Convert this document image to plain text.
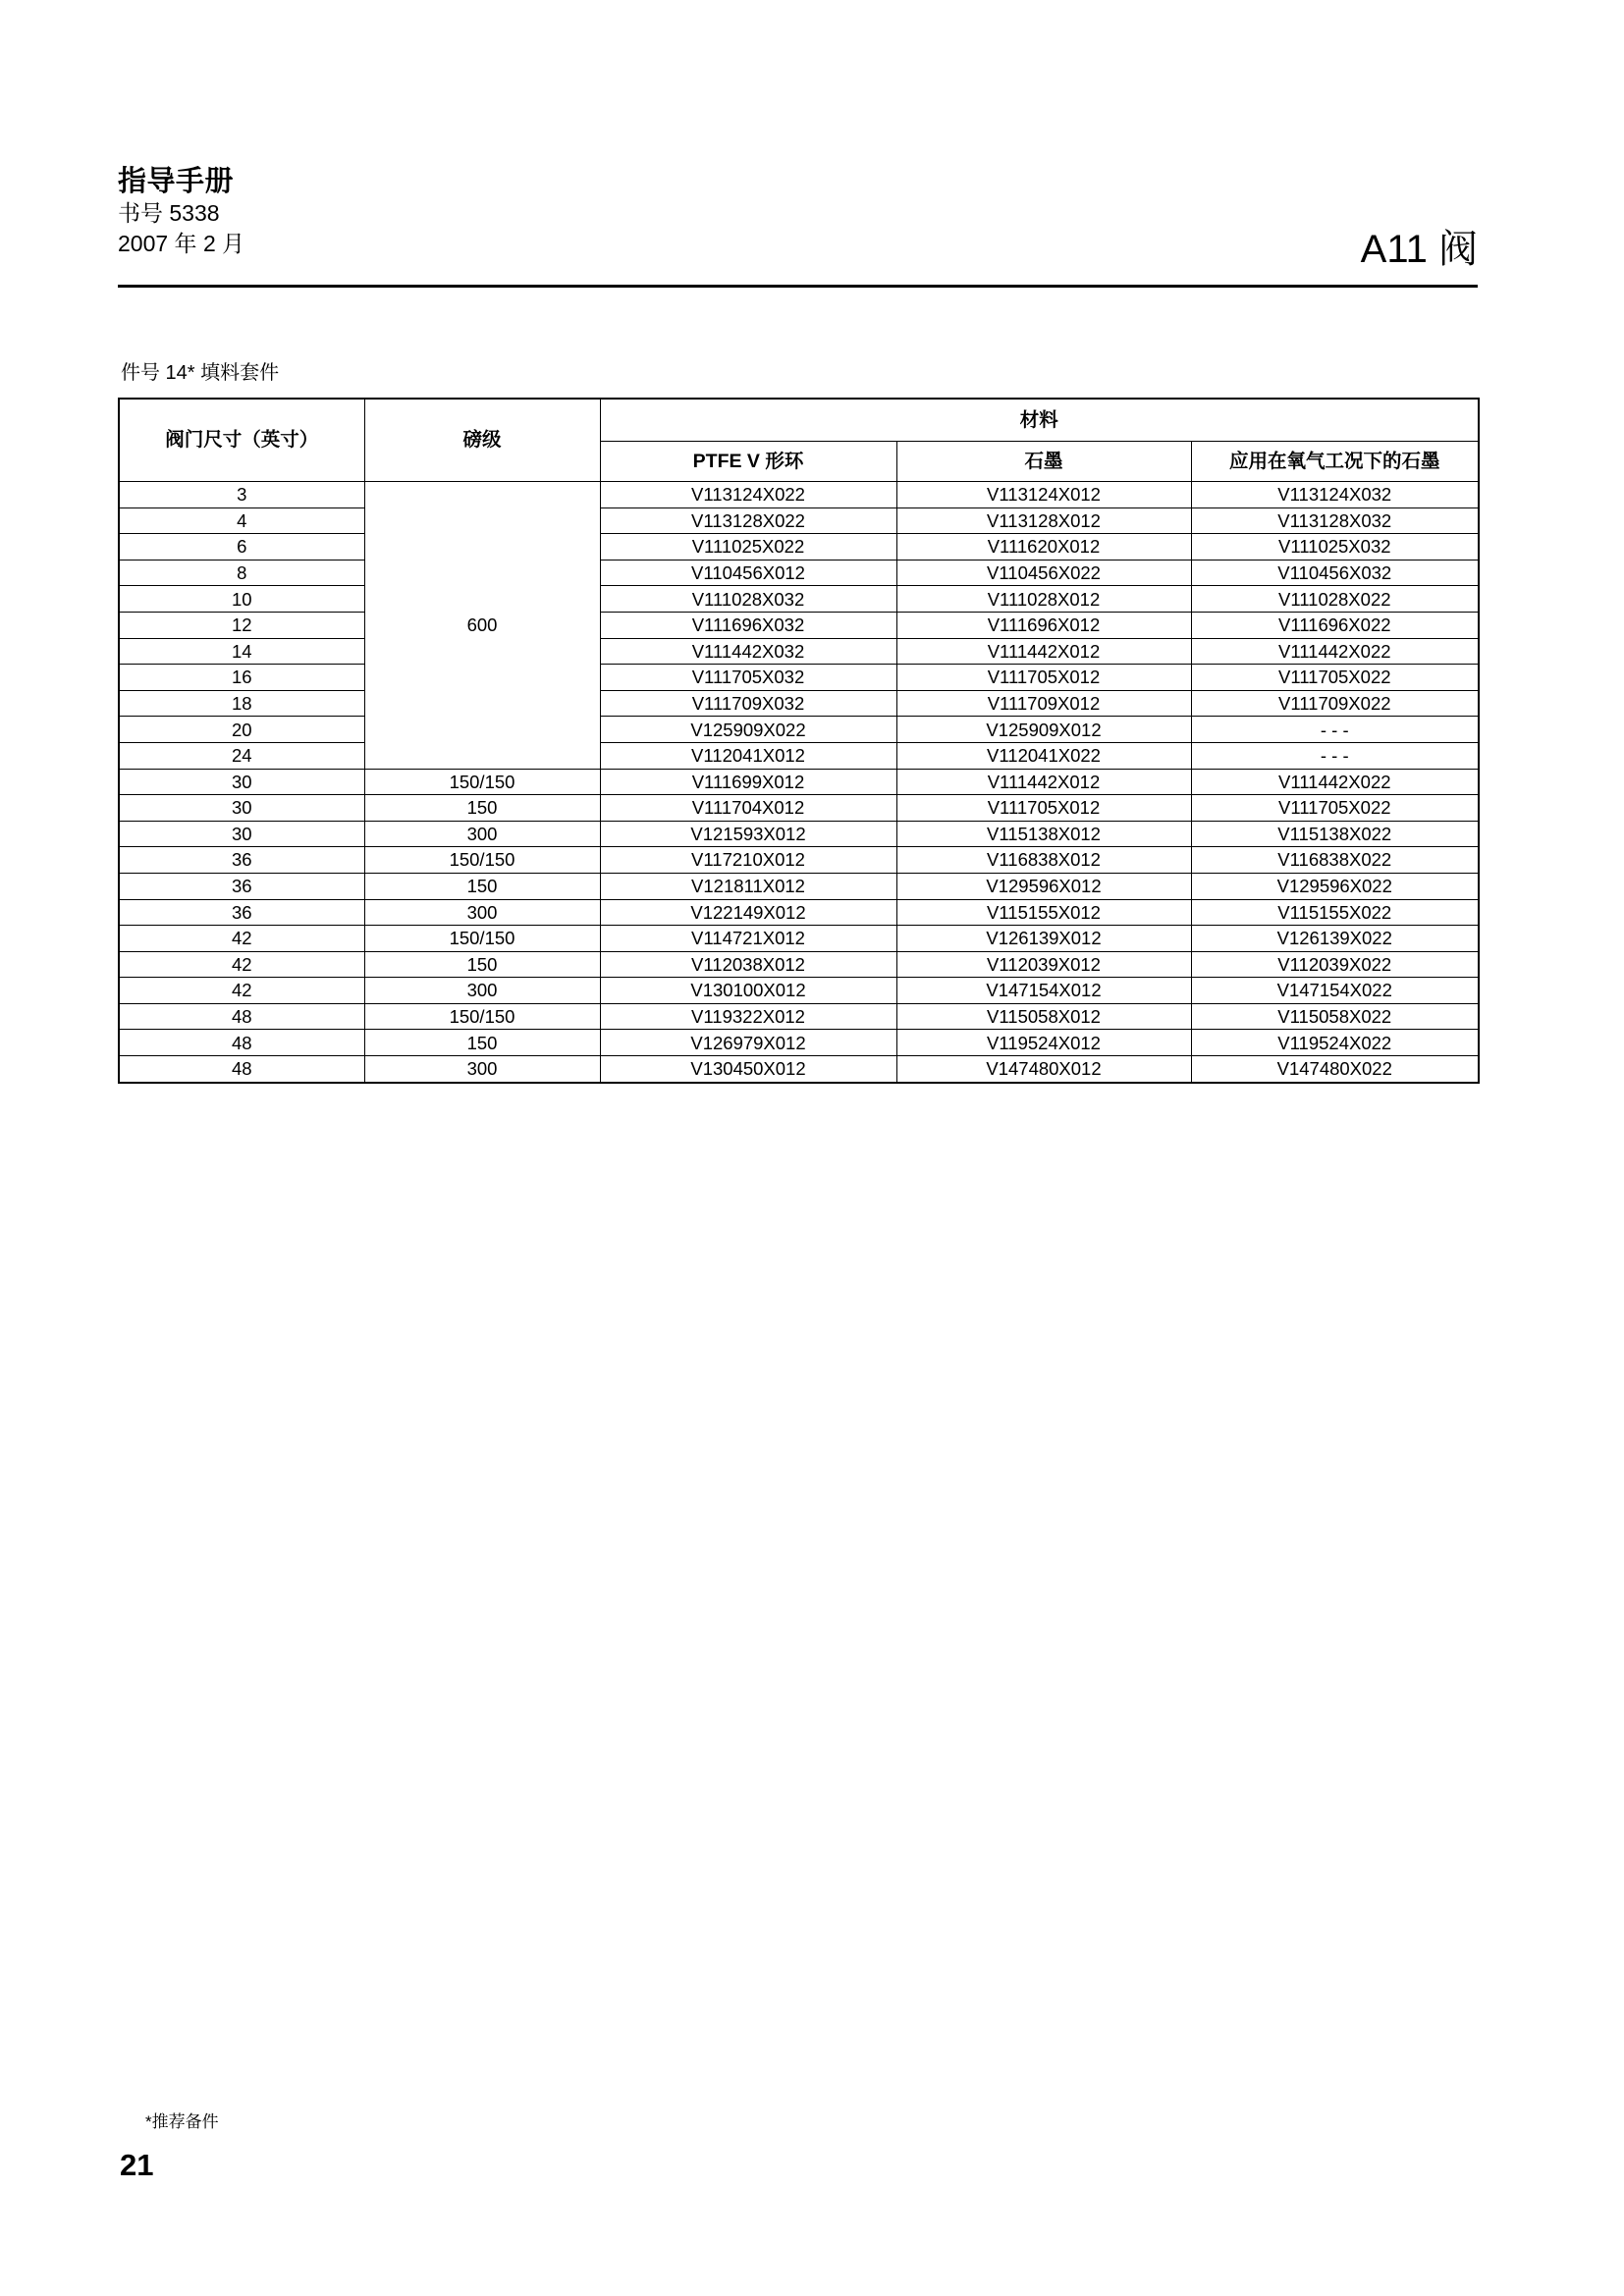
指导手册
书号 5338
2007 年 2 月	A11 阀
件号 14* 填料套件
阀门尺寸（英寸）	磅级	材料		
		PTFE V 形环	石墨	应用在氧气工况下的石墨
3	600	V113124X022	V113124X012	V113124X032
4		V113128X022	V113128X012	V113128X032
6		V111025X022	V111620X012	V111025X032
8		V110456X012	V110456X022	V110456X032
10		V111028X032	V111028X012	V111028X022
12		V111696X032	V111696X012	V111696X022
14		V111442X032	V111442X012	V111442X022
16		V111705X032	V111705X012	V111705X022
18		V111709X032	V111709X012	V111709X022
20		V125909X022	V125909X012	- - -
24		V112041X012	V112041X022	- - -
30	150/150	V111699X012	V111442X012	V111442X022
30	150	V111704X012	V111705X012	V111705X022
30	300	V121593X012	V115138X012	V115138X022
36	150/150	V117210X012	V116838X012	V116838X022
36	150	V121811X012	V129596X012	V129596X022
36	300	V122149X012	V115155X012	V115155X022
42	150/150	V114721X012	V126139X012	V126139X022
42	150	V112038X012	V112039X012	V112039X022
42	300	V130100X012	V147154X012	V147154X022
48	150/150	V119322X012	V115058X012	V115058X022
48	150	V126979X012	V119524X012	V119524X022
48	300	V130450X012	V147480X012	V147480X022
*推荐备件
21
